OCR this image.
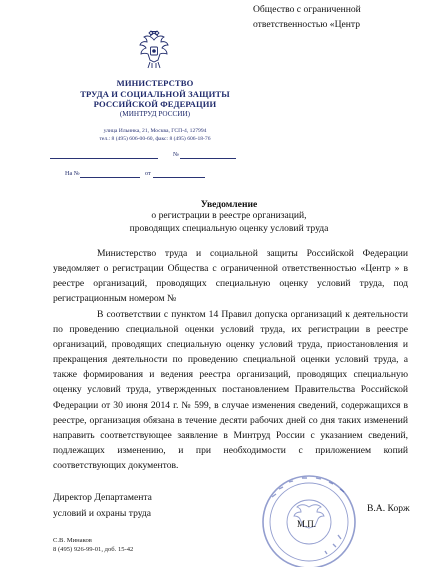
МИНИСТЕРСТВО
ТРУДА И СОЦИАЛЬНОЙ ЗАЩИТЫ
РОССИЙСКОЙ ФЕДЕРАЦИИ
(МИНТРУД РОССИИ)
улица Ильинка, 21, Москва, ГСП-4, 127994
тел.: 8 (495) 606-00-60, факс: 8 (495) 606-18-76
№
На №	от
Общество с ограниченной
ответственностью «Центр
Уведомление
о регистрации в реестре организаций,
проводящих специальную оценку условий труда

Министерство труда и социальной защиты Российской Федерации уведомляет о регистрации Общества с ограниченной ответственностью «Центр » в реестре организаций, проводящих специальную оценку условий труда, под регистрационным номером №

В соответствии с пунктом 14 Правил допуска организаций к деятельности по проведению специальной оценки условий труда, их регистрации в реестре организаций, проводящих специальную оценку условий труда, приостановления и прекращения деятельности по проведению специальной оценки условий труда, а также формирования и ведения реестра организаций, проводящих специальную оценку условий труда, утвержденных постановлением Правительства Российской Федерации от 30 июня 2014 г. № 599, в случае изменения сведений, содержащихся в реестре, организация обязана в течение десяти рабочих дней со дня таких изменений направить соответствующее заявление в Минтруд России с указанием сведений, подлежащих изменению, и при необходимости с приложением копий соответствующих документов.

Директор Департамента
условий и охраны труда	В.А. Корж
М.П.
С.В. Минаков
8 (495) 926-99-01, доб. 15-42
